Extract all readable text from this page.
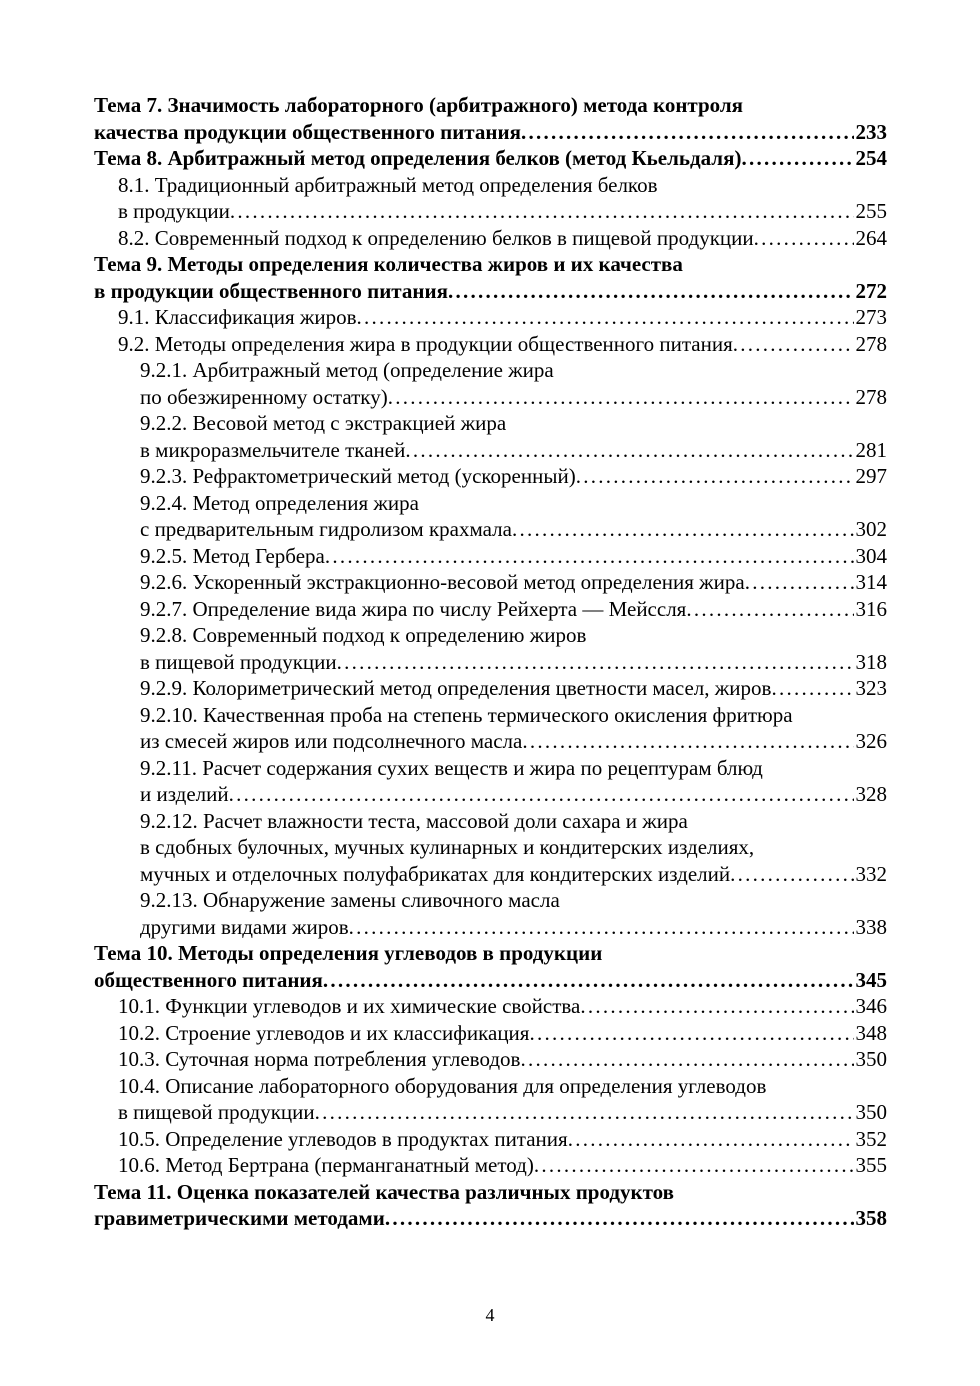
Тема 7. Значимость лабораторного (арбитражного) метода контроля
качества продукции общественного питания . . .	233
Тема 8. Арбитражный метод определения белков (метод Кьельдаля) . . .	254
8.1. Традиционный арбитражный метод определения белков
в продукции . . .	255
8.2. Современный подход к определению белков в пищевой продукции . . .	264
Тема 9. Методы определения количества жиров и их качества
в продукции общественного питания . . .	272
9.1. Классификация жиров . . .	273
9.2. Методы определения жира в продукции общественного питания . . .	278
9.2.1. Арбитражный метод (определение жира
по обезжиренному остатку) . . .	278
9.2.2. Весовой метод с экстракцией жира
в микроразмельчителе тканей . . .	281
9.2.3. Рефрактометрический метод (ускоренный) . . .	297
9.2.4. Метод определения жира
с предварительным гидролизом крахмала . . .	302
9.2.5. Метод Гербера . . .	304
9.2.6. Ускоренный экстракционно-весовой метод определения жира . . .	314
9.2.7. Определение вида жира по числу Рейхерта — Мейссля . . .	316
9.2.8. Современный подход к определению жиров
в пищевой продукции . . .	318
9.2.9. Колориметрический метод определения цветности масел, жиров . . .	323
9.2.10. Качественная проба на степень термического окисления фритюра
из смесей жиров или подсолнечного масла . . .	326
9.2.11. Расчет содержания сухих веществ и жира по рецептурам блюд
и изделий . . .	328
9.2.12. Расчет влажности теста, массовой доли сахара и жира
в сдобных булочных, мучных кулинарных и кондитерских изделиях,
мучных и отделочных полуфабрикатах для кондитерских изделий . . .	332
9.2.13. Обнаружение замены сливочного масла
другими видами жиров . . .	338
Тема 10. Методы определения углеводов в продукции
общественного питания . . .	345
10.1. Функции углеводов и их химические свойства . . .	346
10.2. Строение углеводов и их классификация . . .	348
10.3. Суточная норма потребления углеводов . . .	350
10.4. Описание лабораторного оборудования для определения углеводов
в пищевой продукции . . .	350
10.5. Определение углеводов в продуктах питания . . .	352
10.6. Метод Бертрана (перманганатный метод) . . .	355
Тема 11. Оценка показателей качества различных продуктов
гравиметрическими методами . . .	358
4
